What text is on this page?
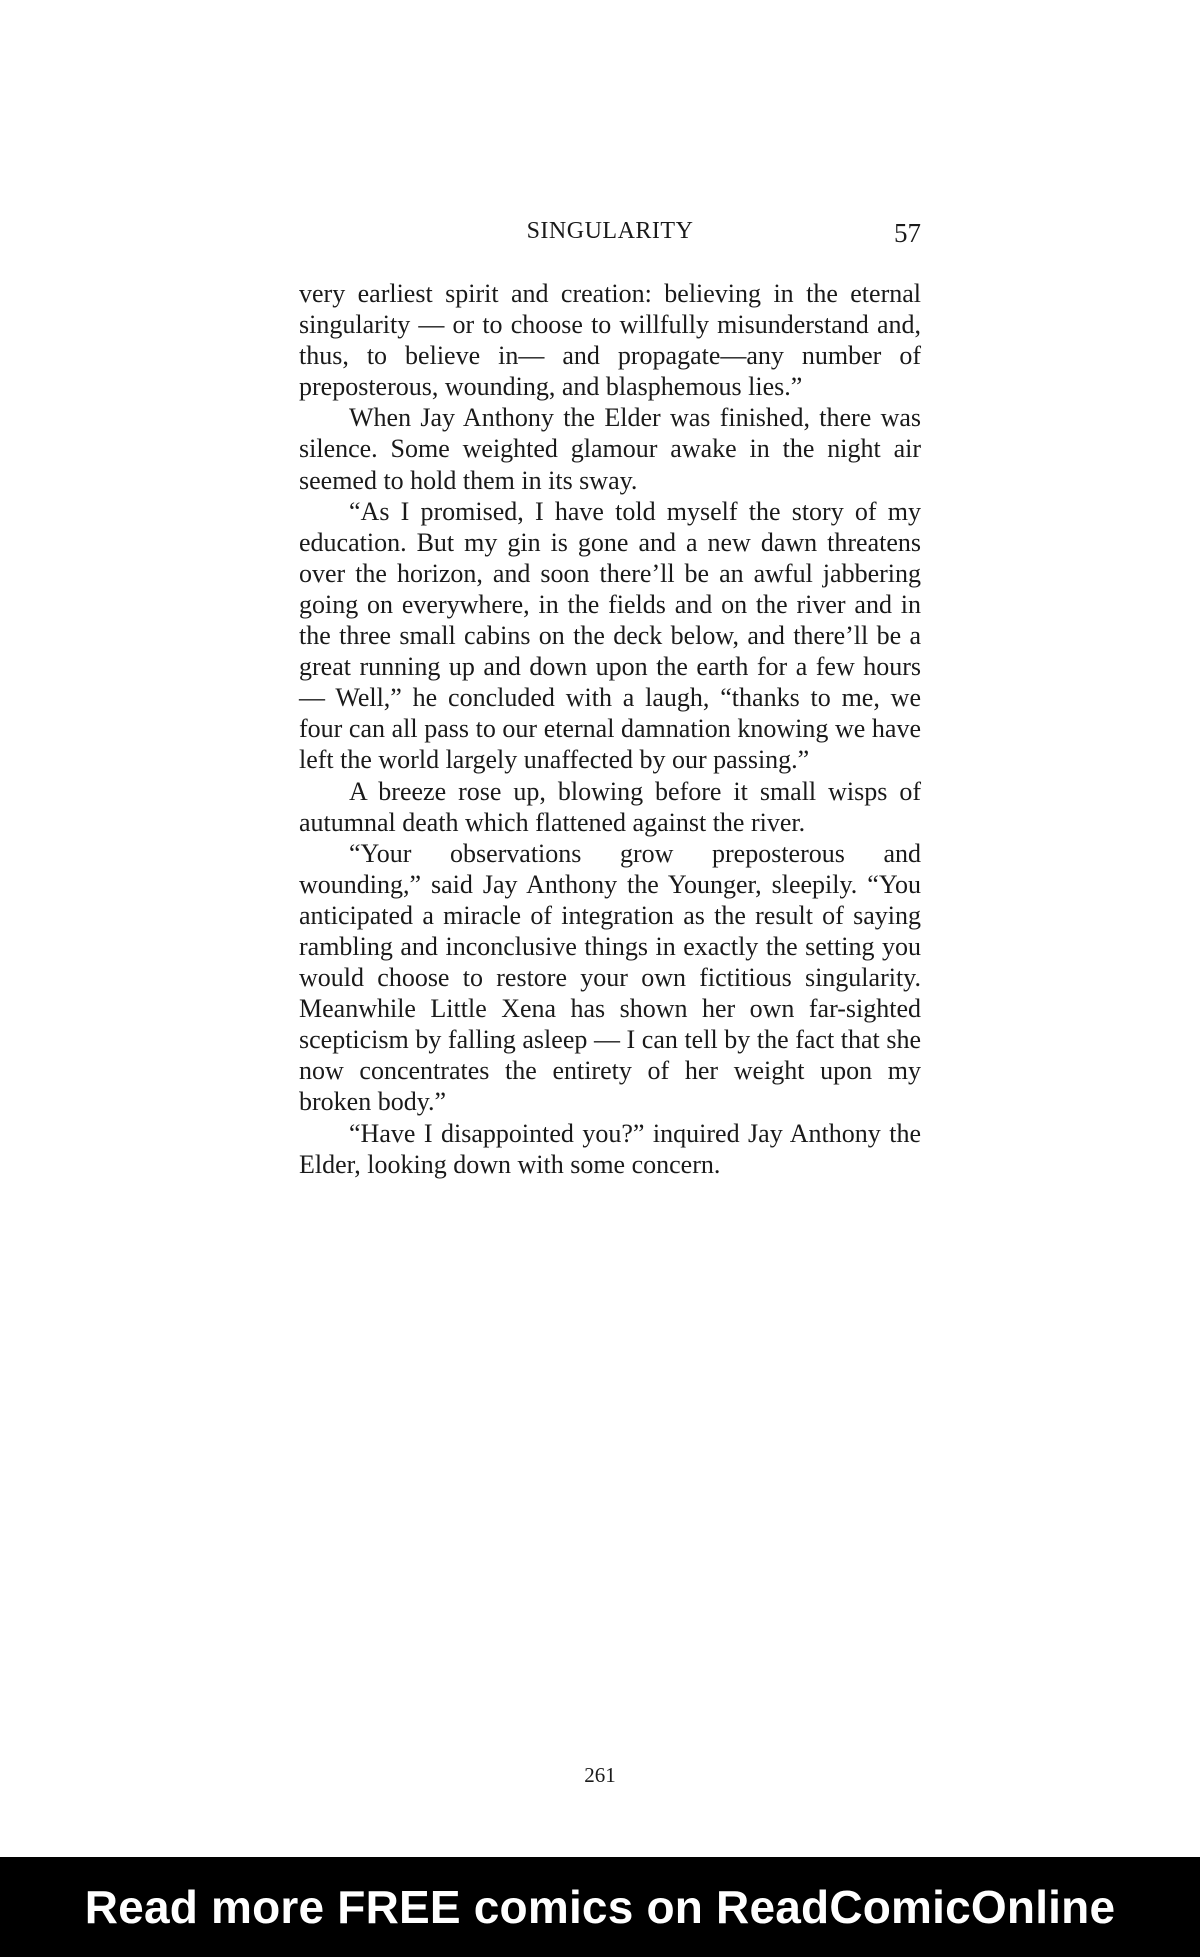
SINGULARITY	57

very earliest spirit and creation: believing in the eternal singularity — or to choose to willfully misunderstand and, thus, to believe in— and propagate—any number of preposterous, wounding, and blasphemous lies.”

When Jay Anthony the Elder was finished, there was silence. Some weighted glamour awake in the night air seemed to hold them in its sway.

“As I promised, I have told myself the story of my education. But my gin is gone and a new dawn threatens over the horizon, and soon there’ll be an awful jabbering going on everywhere, in the fields and on the river and in the three small cabins on the deck below, and there’ll be a great running up and down upon the earth for a few hours — Well,” he concluded with a laugh, “thanks to me, we four can all pass to our eternal damnation knowing we have left the world largely unaffected by our passing.”

A breeze rose up, blowing before it small wisps of autumnal death which flattened against the river.

“Your observations grow preposterous and wounding,” said Jay Anthony the Younger, sleepily. “You anticipated a miracle of integration as the result of saying rambling and inconclusive things in exactly the setting you would choose to restore your own fictitious singularity. Meanwhile Little Xena has shown her own far-sighted scepticism by falling asleep — I can tell by the fact that she now concentrates the entirety of her weight upon my broken body.”

“Have I disappointed you?” inquired Jay Anthony the Elder, looking down with some concern.

261
Read more FREE comics on ReadComicOnline
